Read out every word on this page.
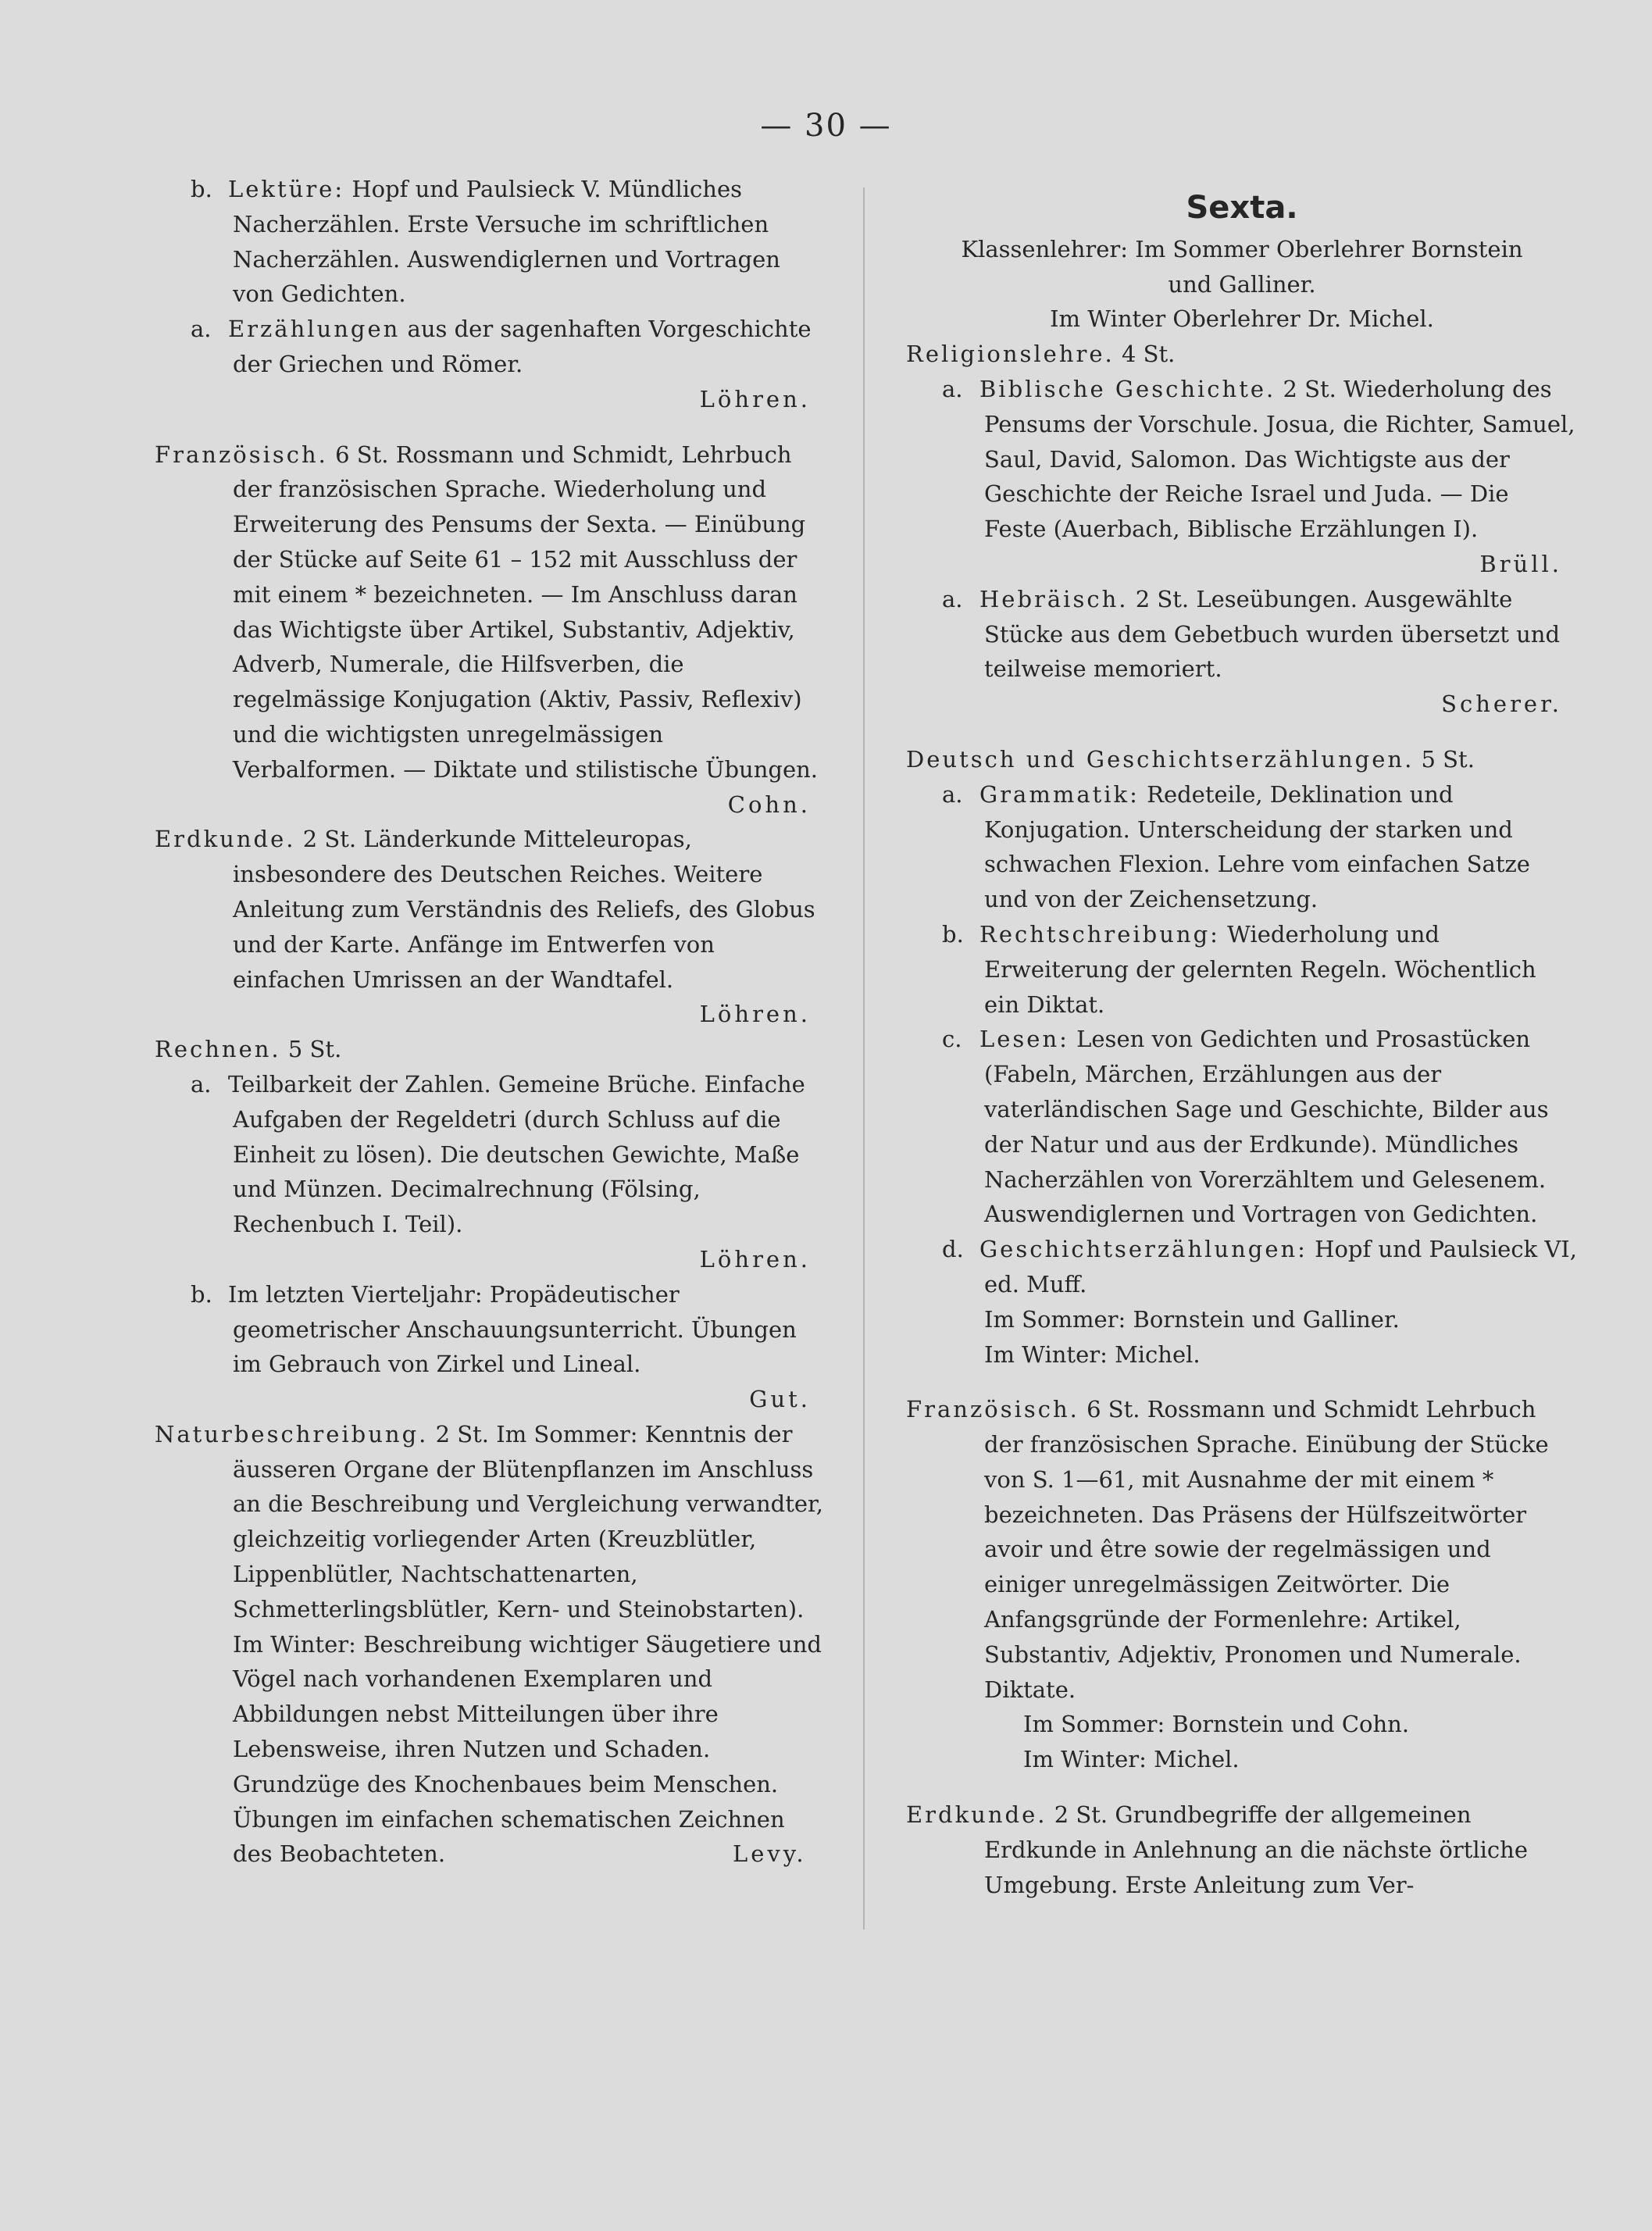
— 30 —
b. Lektüre: Hopf und Paulsieck V. Mündliches Nacherzählen. Erste Versuche im schriftlichen Nacherzählen. Auswendiglernen und Vortragen von Gedichten.
a. Erzählungen aus der sagenhaften Vorgeschichte der Griechen und Römer.
Löhren.
Französisch. 6 St. Rossmann und Schmidt, Lehrbuch der französischen Sprache. Wiederholung und Erweiterung des Pensums der Sexta. — Einübung der Stücke auf Seite 61 – 152 mit Ausschluss der mit einem * bezeichneten. — Im Anschluss daran das Wichtigste über Artikel, Substantiv, Adjektiv, Adverb, Numerale, die Hilfsverben, die regelmässige Konjugation (Aktiv, Passiv, Reflexiv) und die wichtigsten unregelmässigen Verbalformen. — Diktate und stilistische Übungen.
Cohn.
Erdkunde. 2 St. Länderkunde Mitteleuropas, insbesondere des Deutschen Reiches. Weitere Anleitung zum Verständnis des Reliefs, des Globus und der Karte. Anfänge im Entwerfen von einfachen Umrissen an der Wandtafel.
Löhren.
Rechnen. 5 St.
a. Teilbarkeit der Zahlen. Gemeine Brüche. Einfache Aufgaben der Regeldetri (durch Schluss auf die Einheit zu lösen). Die deutschen Gewichte, Maße und Münzen. Decimalrechnung (Fölsing, Rechenbuch I. Teil).
Löhren.
b. Im letzten Vierteljahr: Propädeutischer geometrischer Anschauungsunterricht. Übungen im Gebrauch von Zirkel und Lineal.
Gut.
Naturbeschreibung. 2 St. Im Sommer: Kenntnis der äusseren Organe der Blütenpflanzen im Anschluss an die Beschreibung und Vergleichung verwandter, gleichzeitig vorliegender Arten (Kreuzblütler, Lippenblütler, Nachtschattenarten, Schmetterlingsblütler, Kern- und Steinobstarten). Im Winter: Beschreibung wichtiger Säugetiere und Vögel nach vorhandenen Exemplaren und Abbildungen nebst Mitteilungen über ihre Lebensweise, ihren Nutzen und Schaden. Grundzüge des Knochenbaues beim Menschen. Übungen im einfachen schematischen Zeichnen des Beobachteten.	Levy.
Sexta.
Klassenlehrer: Im Sommer Oberlehrer Bornstein
und Galliner.
Im Winter Oberlehrer Dr. Michel.
Religionslehre. 4 St.
a. Biblische Geschichte. 2 St. Wiederholung des Pensums der Vorschule. Josua, die Richter, Samuel, Saul, David, Salomon. Das Wichtigste aus der Geschichte der Reiche Israel und Juda. — Die Feste (Auerbach, Biblische Erzählungen I).
Brüll.
a. Hebräisch. 2 St. Leseübungen. Ausgewählte Stücke aus dem Gebetbuch wurden übersetzt und teilweise memoriert.
Scherer.
Deutsch und Geschichtserzählungen. 5 St.
a. Grammatik: Redeteile, Deklination und Konjugation. Unterscheidung der starken und schwachen Flexion. Lehre vom einfachen Satze und von der Zeichensetzung.
b. Rechtschreibung: Wiederholung und Erweiterung der gelernten Regeln. Wöchentlich ein Diktat.
c. Lesen: Lesen von Gedichten und Prosastücken (Fabeln, Märchen, Erzählungen aus der vaterländischen Sage und Geschichte, Bilder aus der Natur und aus der Erdkunde). Mündliches Nacherzählen von Vorerzähltem und Gelesenem. Auswendiglernen und Vortragen von Gedichten.
d. Geschichtserzählungen: Hopf und Paulsieck VI, ed. Muff.
Im Sommer: Bornstein und Galliner.
Im Winter: Michel.
Französisch. 6 St. Rossmann und Schmidt Lehrbuch der französischen Sprache. Einübung der Stücke von S. 1—61, mit Ausnahme der mit einem * bezeichneten. Das Präsens der Hülfszeitwörter avoir und être sowie der regelmässigen und einiger unregelmässigen Zeitwörter. Die Anfangsgründe der Formenlehre: Artikel, Substantiv, Adjektiv, Pronomen und Numerale. Diktate.
Im Sommer: Bornstein und Cohn.
Im Winter: Michel.
Erdkunde. 2 St. Grundbegriffe der allgemeinen Erdkunde in Anlehnung an die nächste örtliche Umgebung. Erste Anleitung zum Ver-
